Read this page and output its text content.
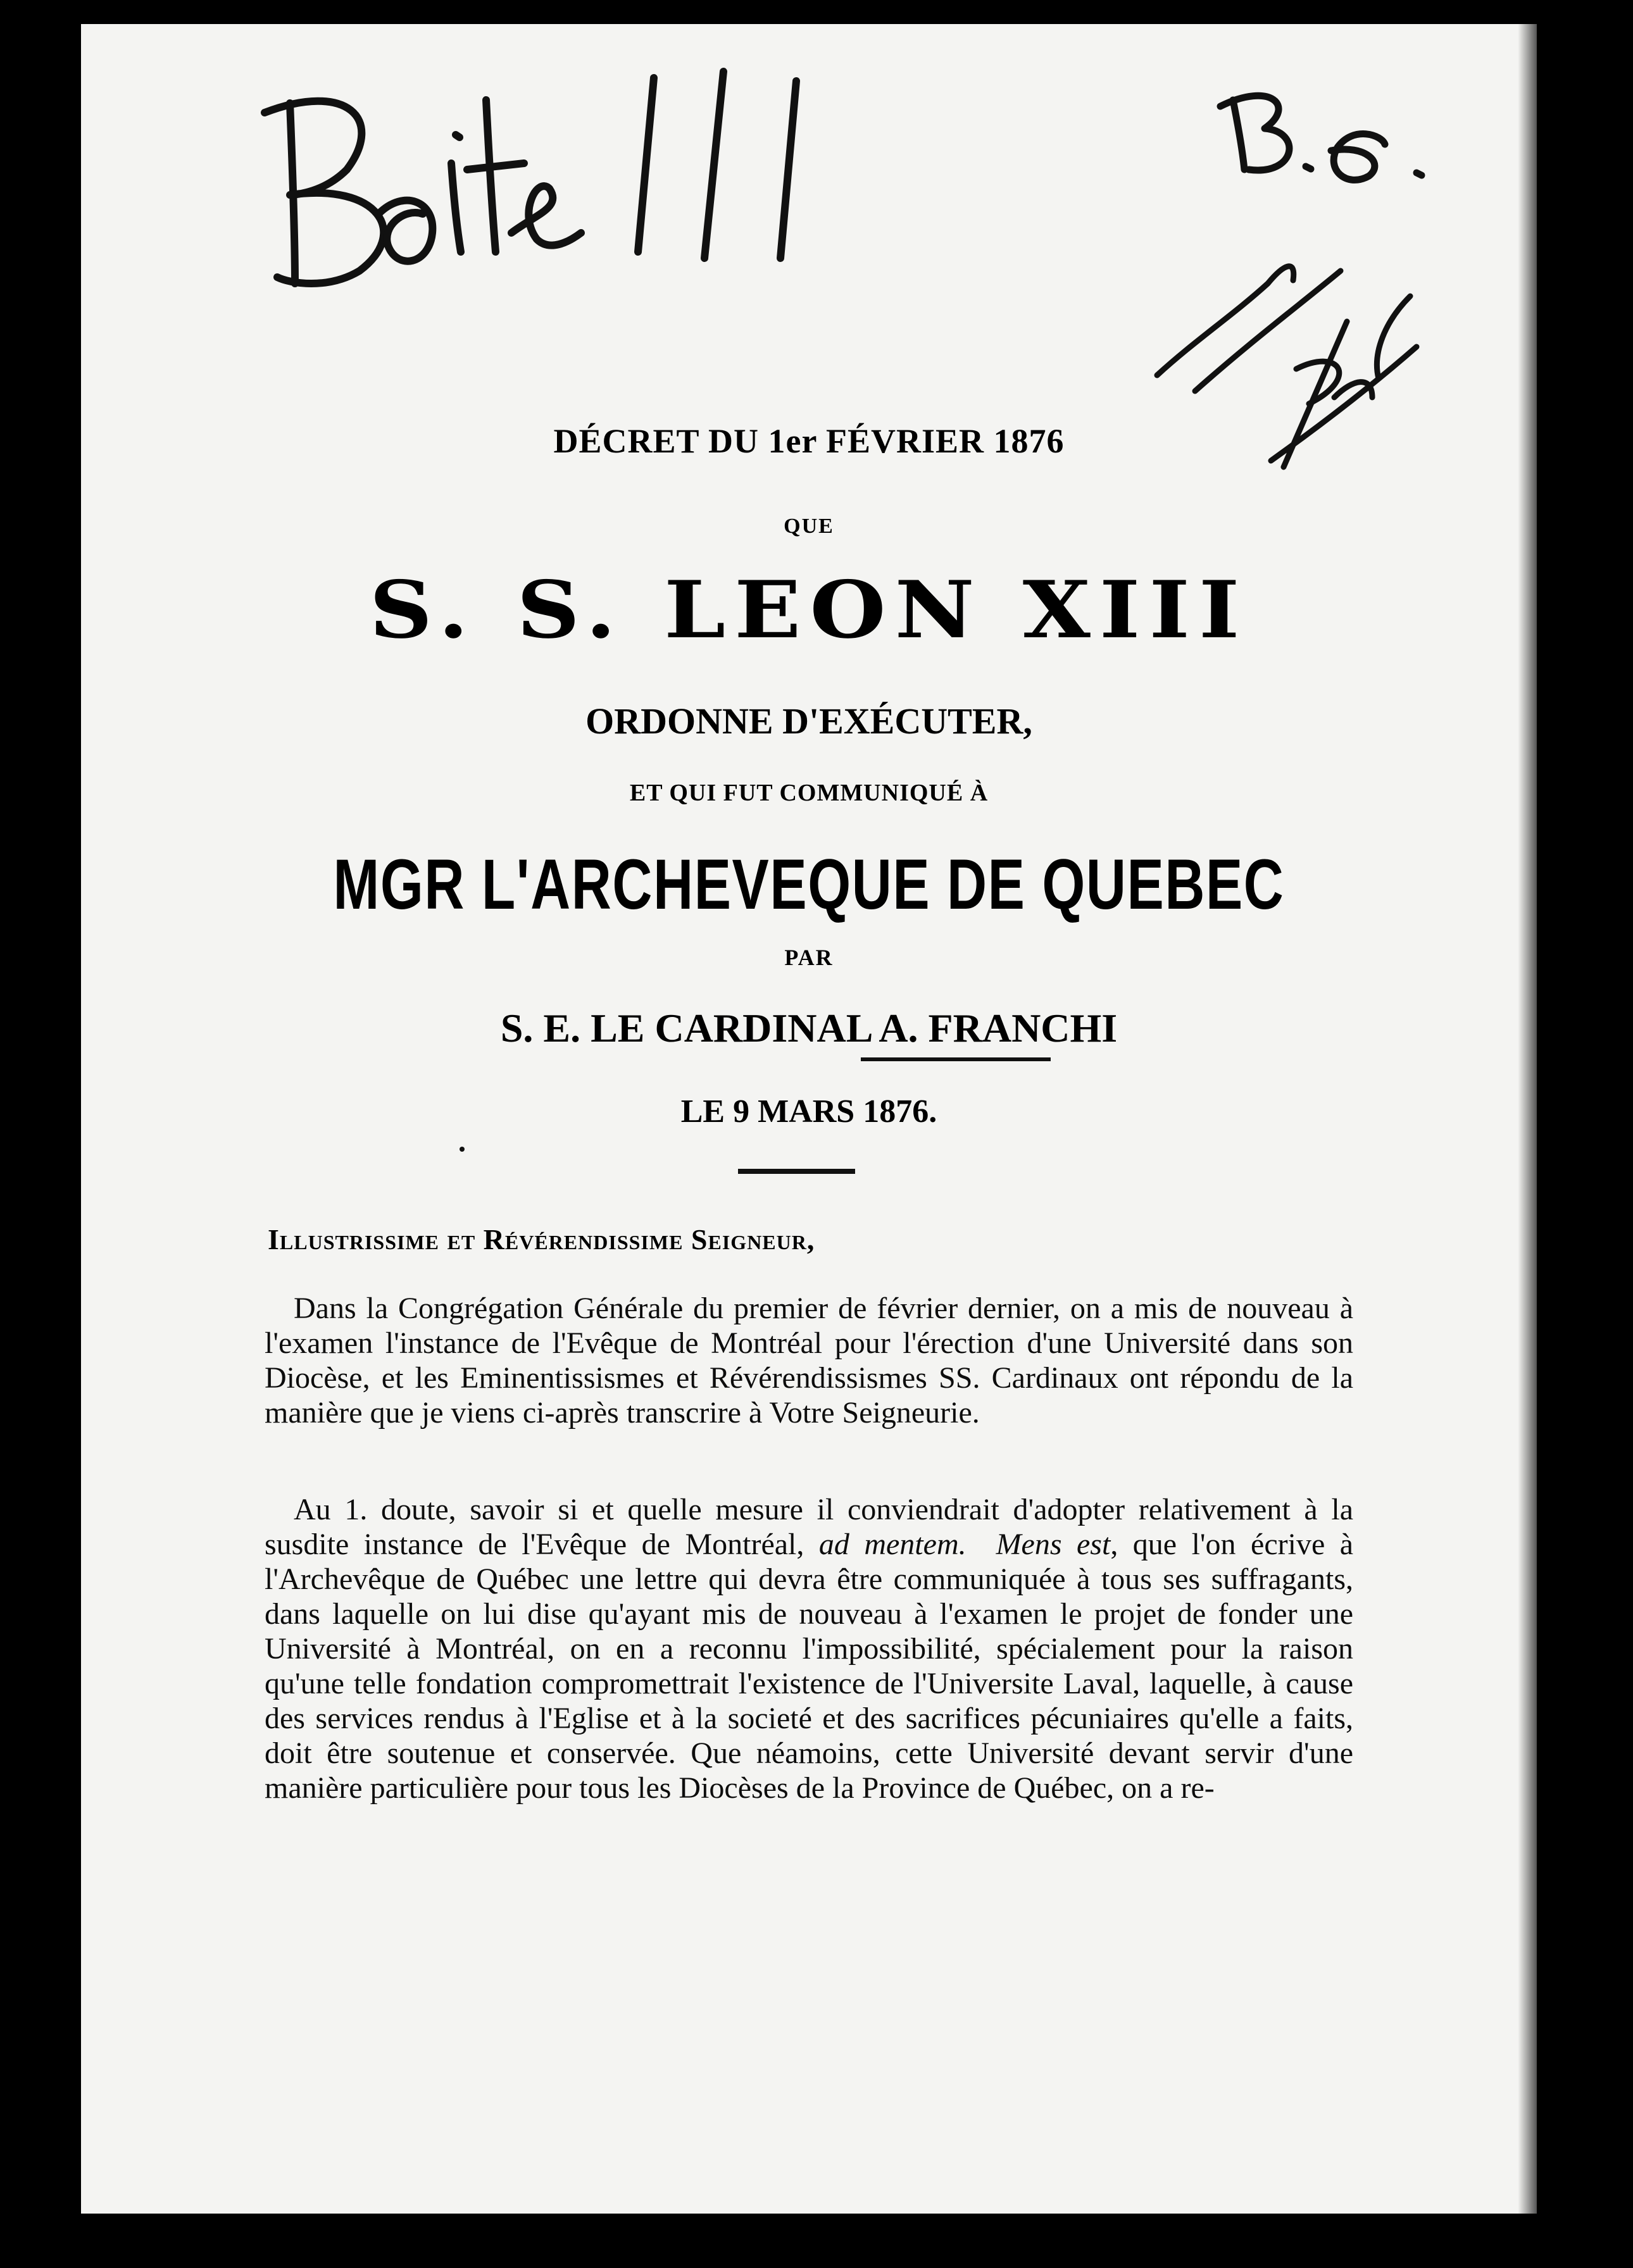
DÉCRET DU 1er FÉVRIER 1876

QUE

S. S. LEON XIII

ORDONNE D'EXÉCUTER,

ET QUI FUT COMMUNIQUÉ À

MGR L'ARCHEVEQUE DE QUEBEC

PAR

S. E. LE CARDINAL A. FRANCHI

LE 9 MARS 1876.

Illustrissime et Révérendissime Seigneur,

Dans la Congrégation Générale du premier de février dernier, on a mis de nouveau à l'examen l'instance de l'Evêque de Montréal pour l'érection d'une Université dans son Diocèse, et les Eminentissismes et Révérendissismes SS. Cardinaux ont répondu de la manière que je viens ci-après transcrire à Votre Seigneurie.

Au 1. doute, savoir si et quelle mesure il conviendrait d'adopter relativement à la susdite instance de l'Evêque de Montréal, ad mentem. Mens est, que l'on écrive à l'Archevêque de Québec une lettre qui devra être communiquée à tous ses suffragants, dans laquelle on lui dise qu'ayant mis de nouveau à l'examen le projet de fonder une Université à Montréal, on en a reconnu l'impossibilité, spécialement pour la raison qu'une telle fondation compromettrait l'existence de l'Universite Laval, laquelle, à cause des services rendus à l'Eglise et à la societé et des sacrifices pécuniaires qu'elle a faits, doit être soutenue et conservée. Que néamoins, cette Université devant servir d'une manière particulière pour tous les Diocèses de la Province de Québec, on a re-
